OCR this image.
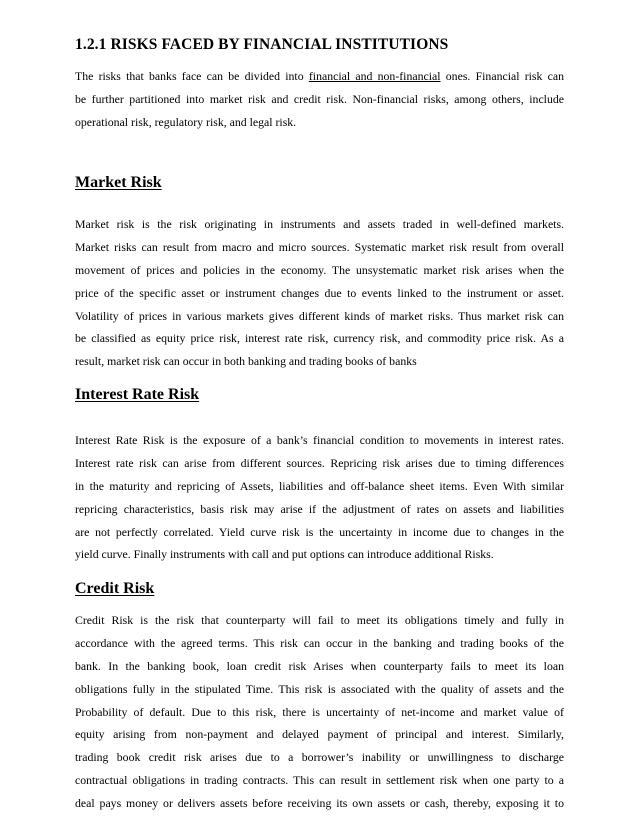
1.2.1 RISKS FACED BY FINANCIAL INSTITUTIONS
The risks that banks face can be divided into financial and non-financial ones. Financial risk can
be further partitioned into market risk and credit risk. Non-financial risks, among others, include
operational risk, regulatory risk, and legal risk.
Market Risk
Market risk is the risk originating in instruments and assets traded in well-defined markets.
Market risks can result from macro and micro sources. Systematic market risk result from overall
movement of prices and policies in the economy. The unsystematic market risk arises when the
price of the specific asset or instrument changes due to events linked to the instrument or asset.
Volatility of prices in various markets gives different kinds of market risks. Thus market risk can
be classified as equity price risk, interest rate risk, currency risk, and commodity price risk. As a
result, market risk can occur in both banking and trading books of banks
Interest Rate Risk
Interest Rate Risk is the exposure of a bank’s financial condition to movements in interest rates.
Interest rate risk can arise from different sources. Repricing risk arises due to timing differences
in the maturity and repricing of Assets, liabilities and off-balance sheet items. Even With similar
repricing characteristics, basis risk may arise if the adjustment of rates on assets and liabilities
are not perfectly correlated. Yield curve risk is the uncertainty in income due to changes in the
yield curve. Finally instruments with call and put options can introduce additional Risks.
Credit Risk
Credit Risk is the risk that counterparty will fail to meet its obligations timely and fully in
accordance with the agreed terms. This risk can occur in the banking and trading books of the
bank. In the banking book, loan credit risk Arises when counterparty fails to meet its loan
obligations fully in the stipulated Time. This risk is associated with the quality of assets and the
Probability of default. Due to this risk, there is uncertainty of net-income and market value of
equity arising from non-payment and delayed payment of principal and interest. Similarly,
trading book credit risk arises due to a borrower’s inability or unwillingness to discharge
contractual obligations in trading contracts. This can result in settlement risk when one party to a
deal pays money or delivers assets before receiving its own assets or cash, thereby, exposing it to
